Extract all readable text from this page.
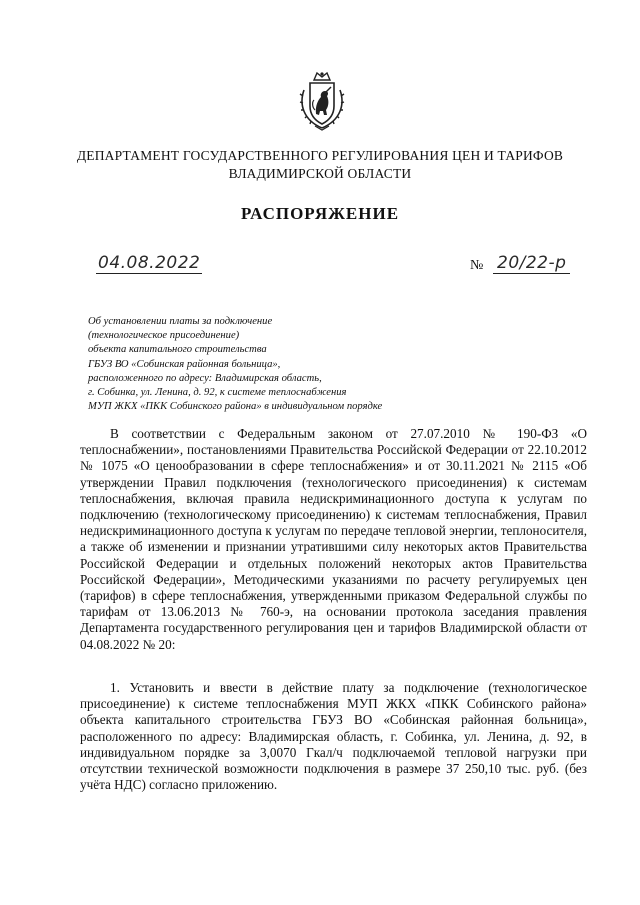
ДЕПАРТАМЕНТ ГОСУДАРСТВЕННОГО РЕГУЛИРОВАНИЯ ЦЕН И ТАРИФОВ
ВЛАДИМИРСКОЙ ОБЛАСТИ
РАСПОРЯЖЕНИЕ
04.08.2022	№ 20/22-р
Об установлении платы за подключение
(технологическое присоединение)
объекта капитального строительства
ГБУЗ ВО «Собинская районная больница»,
расположенного по адресу: Владимирская область,
г. Собинка, ул. Ленина, д. 92, к системе теплоснабжения
МУП ЖКХ «ПКК Собинского района» в индивидуальном порядке
В соответствии с Федеральным законом от 27.07.2010 № 190-ФЗ «О теплоснабжении», постановлениями Правительства Российской Федерации от 22.10.2012 № 1075 «О ценообразовании в сфере теплоснабжения» и от 30.11.2021 № 2115 «Об утверждении Правил подключения (технологического присоединения) к системам теплоснабжения, включая правила недискриминационного доступа к услугам по подключению (технологическому присоединению) к системам теплоснабжения, Правил недискриминационного доступа к услугам по передаче тепловой энергии, теплоносителя, а также об изменении и признании утратившими силу некоторых актов Правительства Российской Федерации и отдельных положений некоторых актов Правительства Российской Федерации», Методическими указаниями по расчету регулируемых цен (тарифов) в сфере теплоснабжения, утвержденными приказом Федеральной службы по тарифам от 13.06.2013 № 760-э, на основании протокола заседания правления Департамента государственного регулирования цен и тарифов Владимирской области от 04.08.2022 № 20:
1. Установить и ввести в действие плату за подключение (технологическое присоединение) к системе теплоснабжения МУП ЖКХ «ПКК Собинского района» объекта капитального строительства ГБУЗ ВО «Собинская районная больница», расположенного по адресу: Владимирская область, г. Собинка, ул. Ленина, д. 92, в индивидуальном порядке за 3,0070 Гкал/ч подключаемой тепловой нагрузки при отсутствии технической возможности подключения в размере 37 250,10 тыс. руб. (без учёта НДС) согласно приложению.
